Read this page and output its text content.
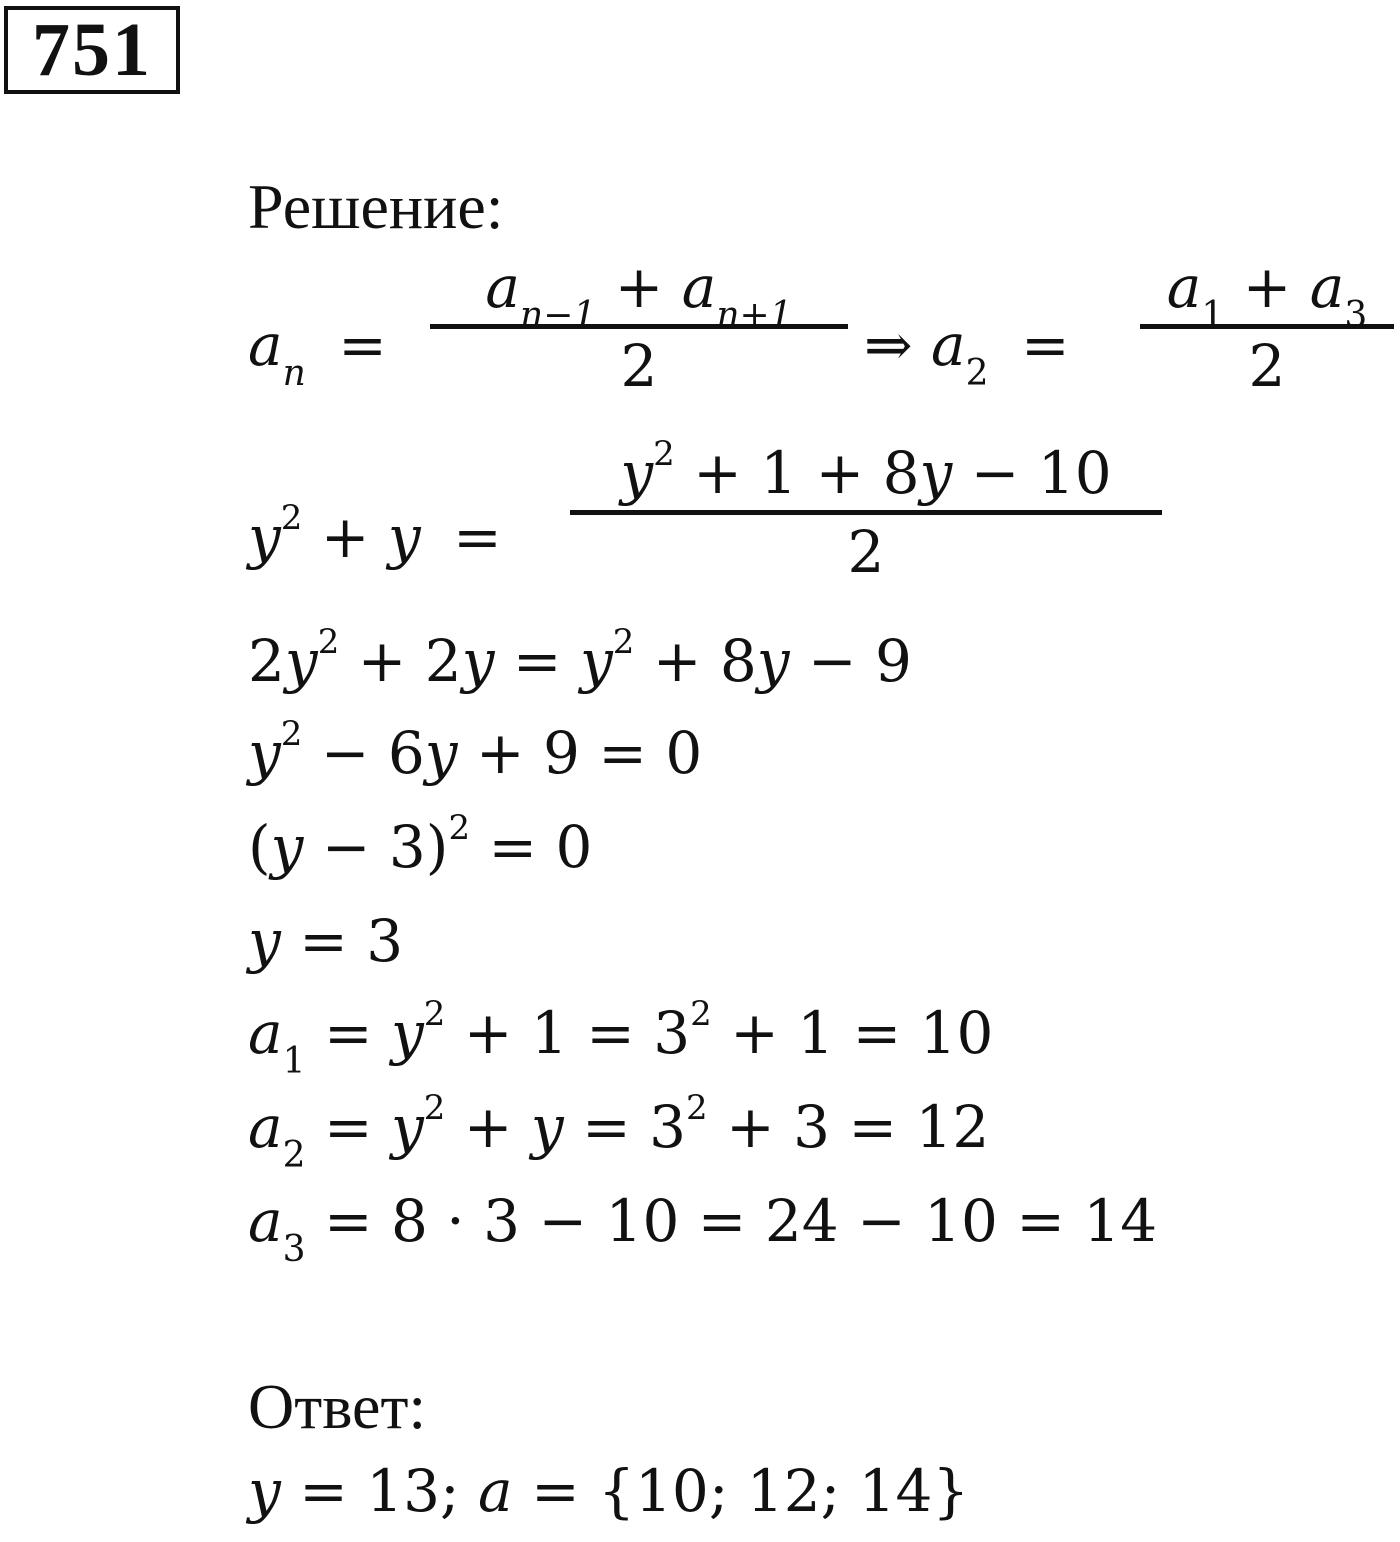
751
Решение:
$a_n$ =
$a_{n-1} + a_{n+1}$
2	⇒ $a_2$ =
$a_1 + a_3$
2
$y^2 + y$ =
$y^2 + 1 + 8y - 10$
2
$2y^2 + 2y = y^2 + 8y - 9$
$y^2 - 6y + 9 = 0$
$(y - 3)^2 = 0$
y = 3
$a_1 = y^2 + 1 = 3^2 + 1 = 10$
$a_2 = y^2 + y = 3^2 + 3 = 12$
$a_3 = 8 \cdot 3 - 10 = 24 - 10 = 14$
Ответ:
y = 13; a = {10; 12; 14}
